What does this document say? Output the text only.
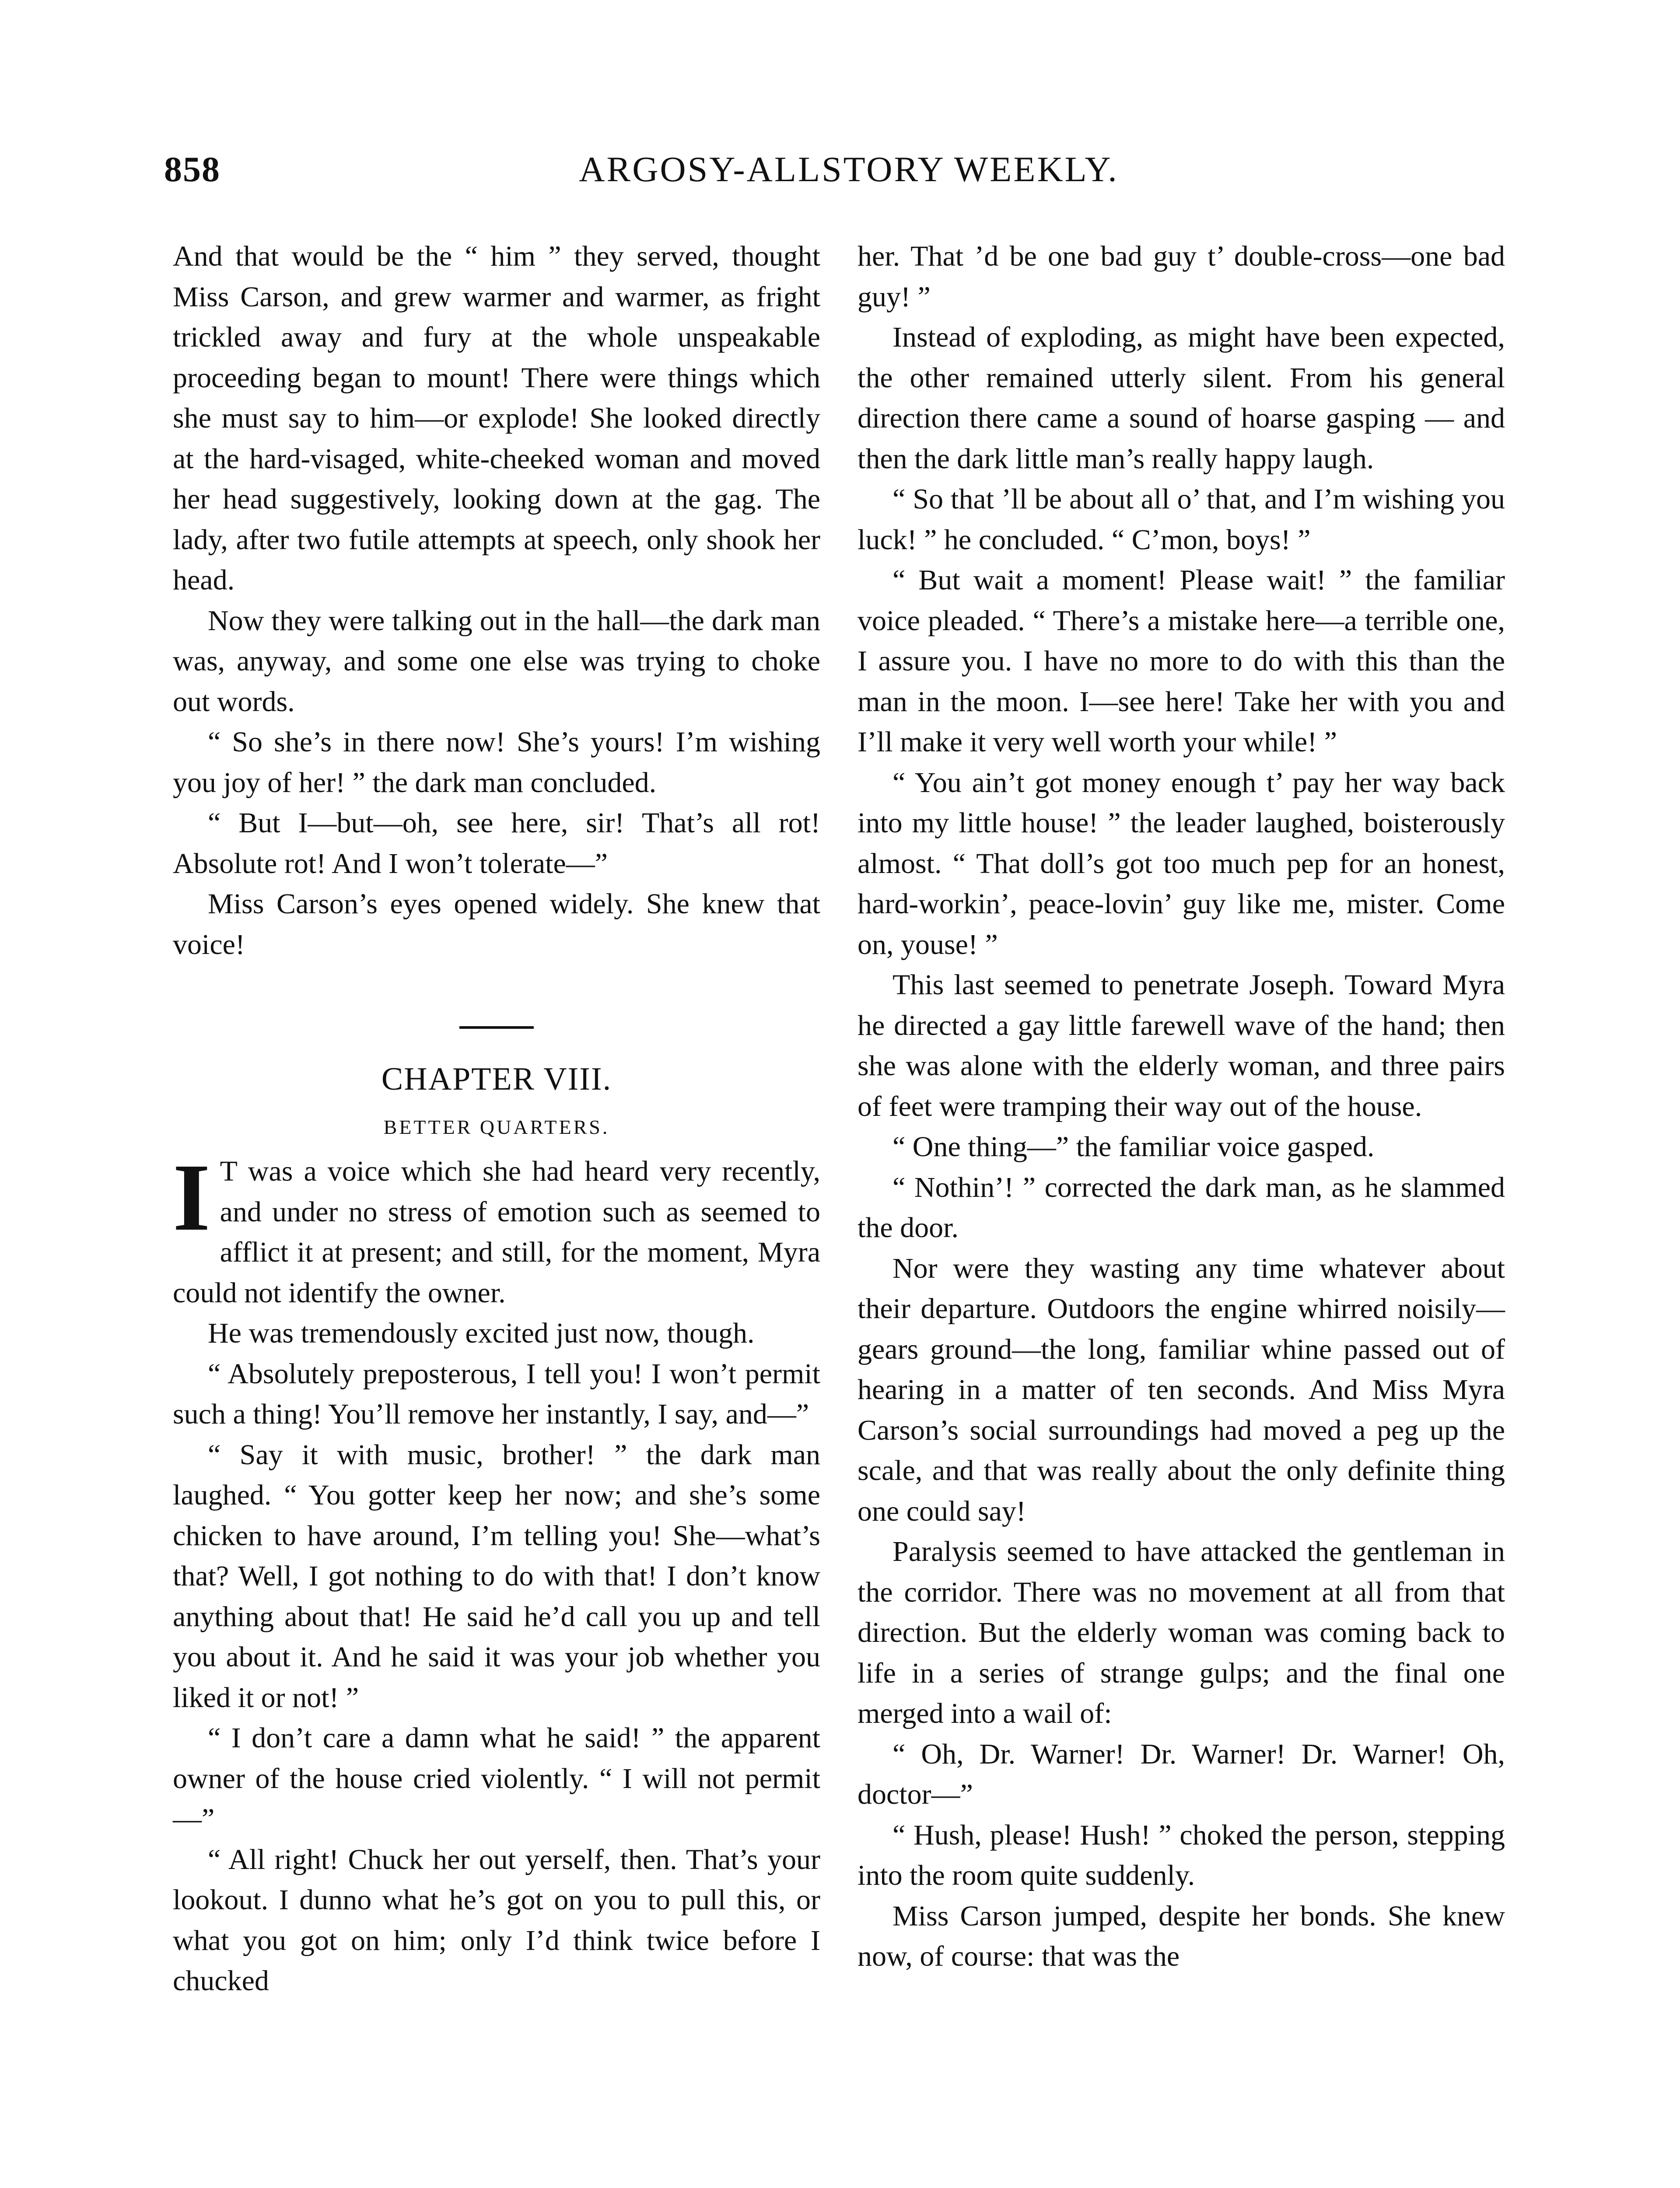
858	ARGOSY-ALLSTORY WEEKLY.

And that would be the “ him ” they served, thought Miss Carson, and grew warmer and warmer, as fright trickled away and fury at the whole unspeakable proceeding began to mount! There were things which she must say to him—or explode! She looked directly at the hard-visaged, white-cheeked woman and moved her head suggestively, looking down at the gag. The lady, after two futile attempts at speech, only shook her head.

Now they were talking out in the hall—the dark man was, anyway, and some one else was trying to choke out words.

“ So she’s in there now! She’s yours! I’m wishing you joy of her! ” the dark man concluded.

“ But I—but—oh, see here, sir! That’s all rot! Absolute rot! And I won’t tolerate—”

Miss Carson’s eyes opened widely. She knew that voice!

CHAPTER VIII.
BETTER QUARTERS.

I T was a voice which she had heard very recently, and under no stress of emotion such as seemed to afflict it at present; and still, for the moment, Myra could not identify the owner.

He was tremendously excited just now, though.

“ Absolutely preposterous, I tell you! I won’t permit such a thing! You’ll remove her instantly, I say, and—”

“ Say it with music, brother! ” the dark man laughed. “ You gotter keep her now; and she’s some chicken to have around, I’m telling you! She—what’s that? Well, I got nothing to do with that! I don’t know anything about that! He said he’d call you up and tell you about it. And he said it was your job whether you liked it or not! ”

“ I don’t care a damn what he said! ” the apparent owner of the house cried violently. “ I will not permit—”

“ All right! Chuck her out yerself, then. That’s your lookout. I dunno what he’s got on you to pull this, or what you got on him; only I’d think twice before I chucked

her. That ’d be one bad guy t’ double-cross—one bad guy! ”

Instead of exploding, as might have been expected, the other remained utterly silent. From his general direction there came a sound of hoarse gasping — and then the dark little man’s really happy laugh.

“ So that ’ll be about all o’ that, and I’m wishing you luck! ” he concluded. “ C’mon, boys! ”

“ But wait a moment! Please wait! ” the familiar voice pleaded. “ There’s a mistake here—a terrible one, I assure you. I have no more to do with this than the man in the moon. I—see here! Take her with you and I’ll make it very well worth your while! ”

“ You ain’t got money enough t’ pay her way back into my little house! ” the leader laughed, boisterously almost. “ That doll’s got too much pep for an honest, hard-workin’, peace-lovin’ guy like me, mister. Come on, youse! ”

This last seemed to penetrate Joseph. Toward Myra he directed a gay little farewell wave of the hand; then she was alone with the elderly woman, and three pairs of feet were tramping their way out of the house.

“ One thing—” the familiar voice gasped.

“ Nothin’! ” corrected the dark man, as he slammed the door.

Nor were they wasting any time whatever about their departure. Outdoors the engine whirred noisily—gears ground—the long, familiar whine passed out of hearing in a matter of ten seconds. And Miss Myra Carson’s social surroundings had moved a peg up the scale, and that was really about the only definite thing one could say!

Paralysis seemed to have attacked the gentleman in the corridor. There was no movement at all from that direction. But the elderly woman was coming back to life in a series of strange gulps; and the final one merged into a wail of:

“ Oh, Dr. Warner! Dr. Warner! Dr. Warner! Oh, doctor—”

“ Hush, please! Hush! ” choked the person, stepping into the room quite suddenly.

Miss Carson jumped, despite her bonds. She knew now, of course: that was the
